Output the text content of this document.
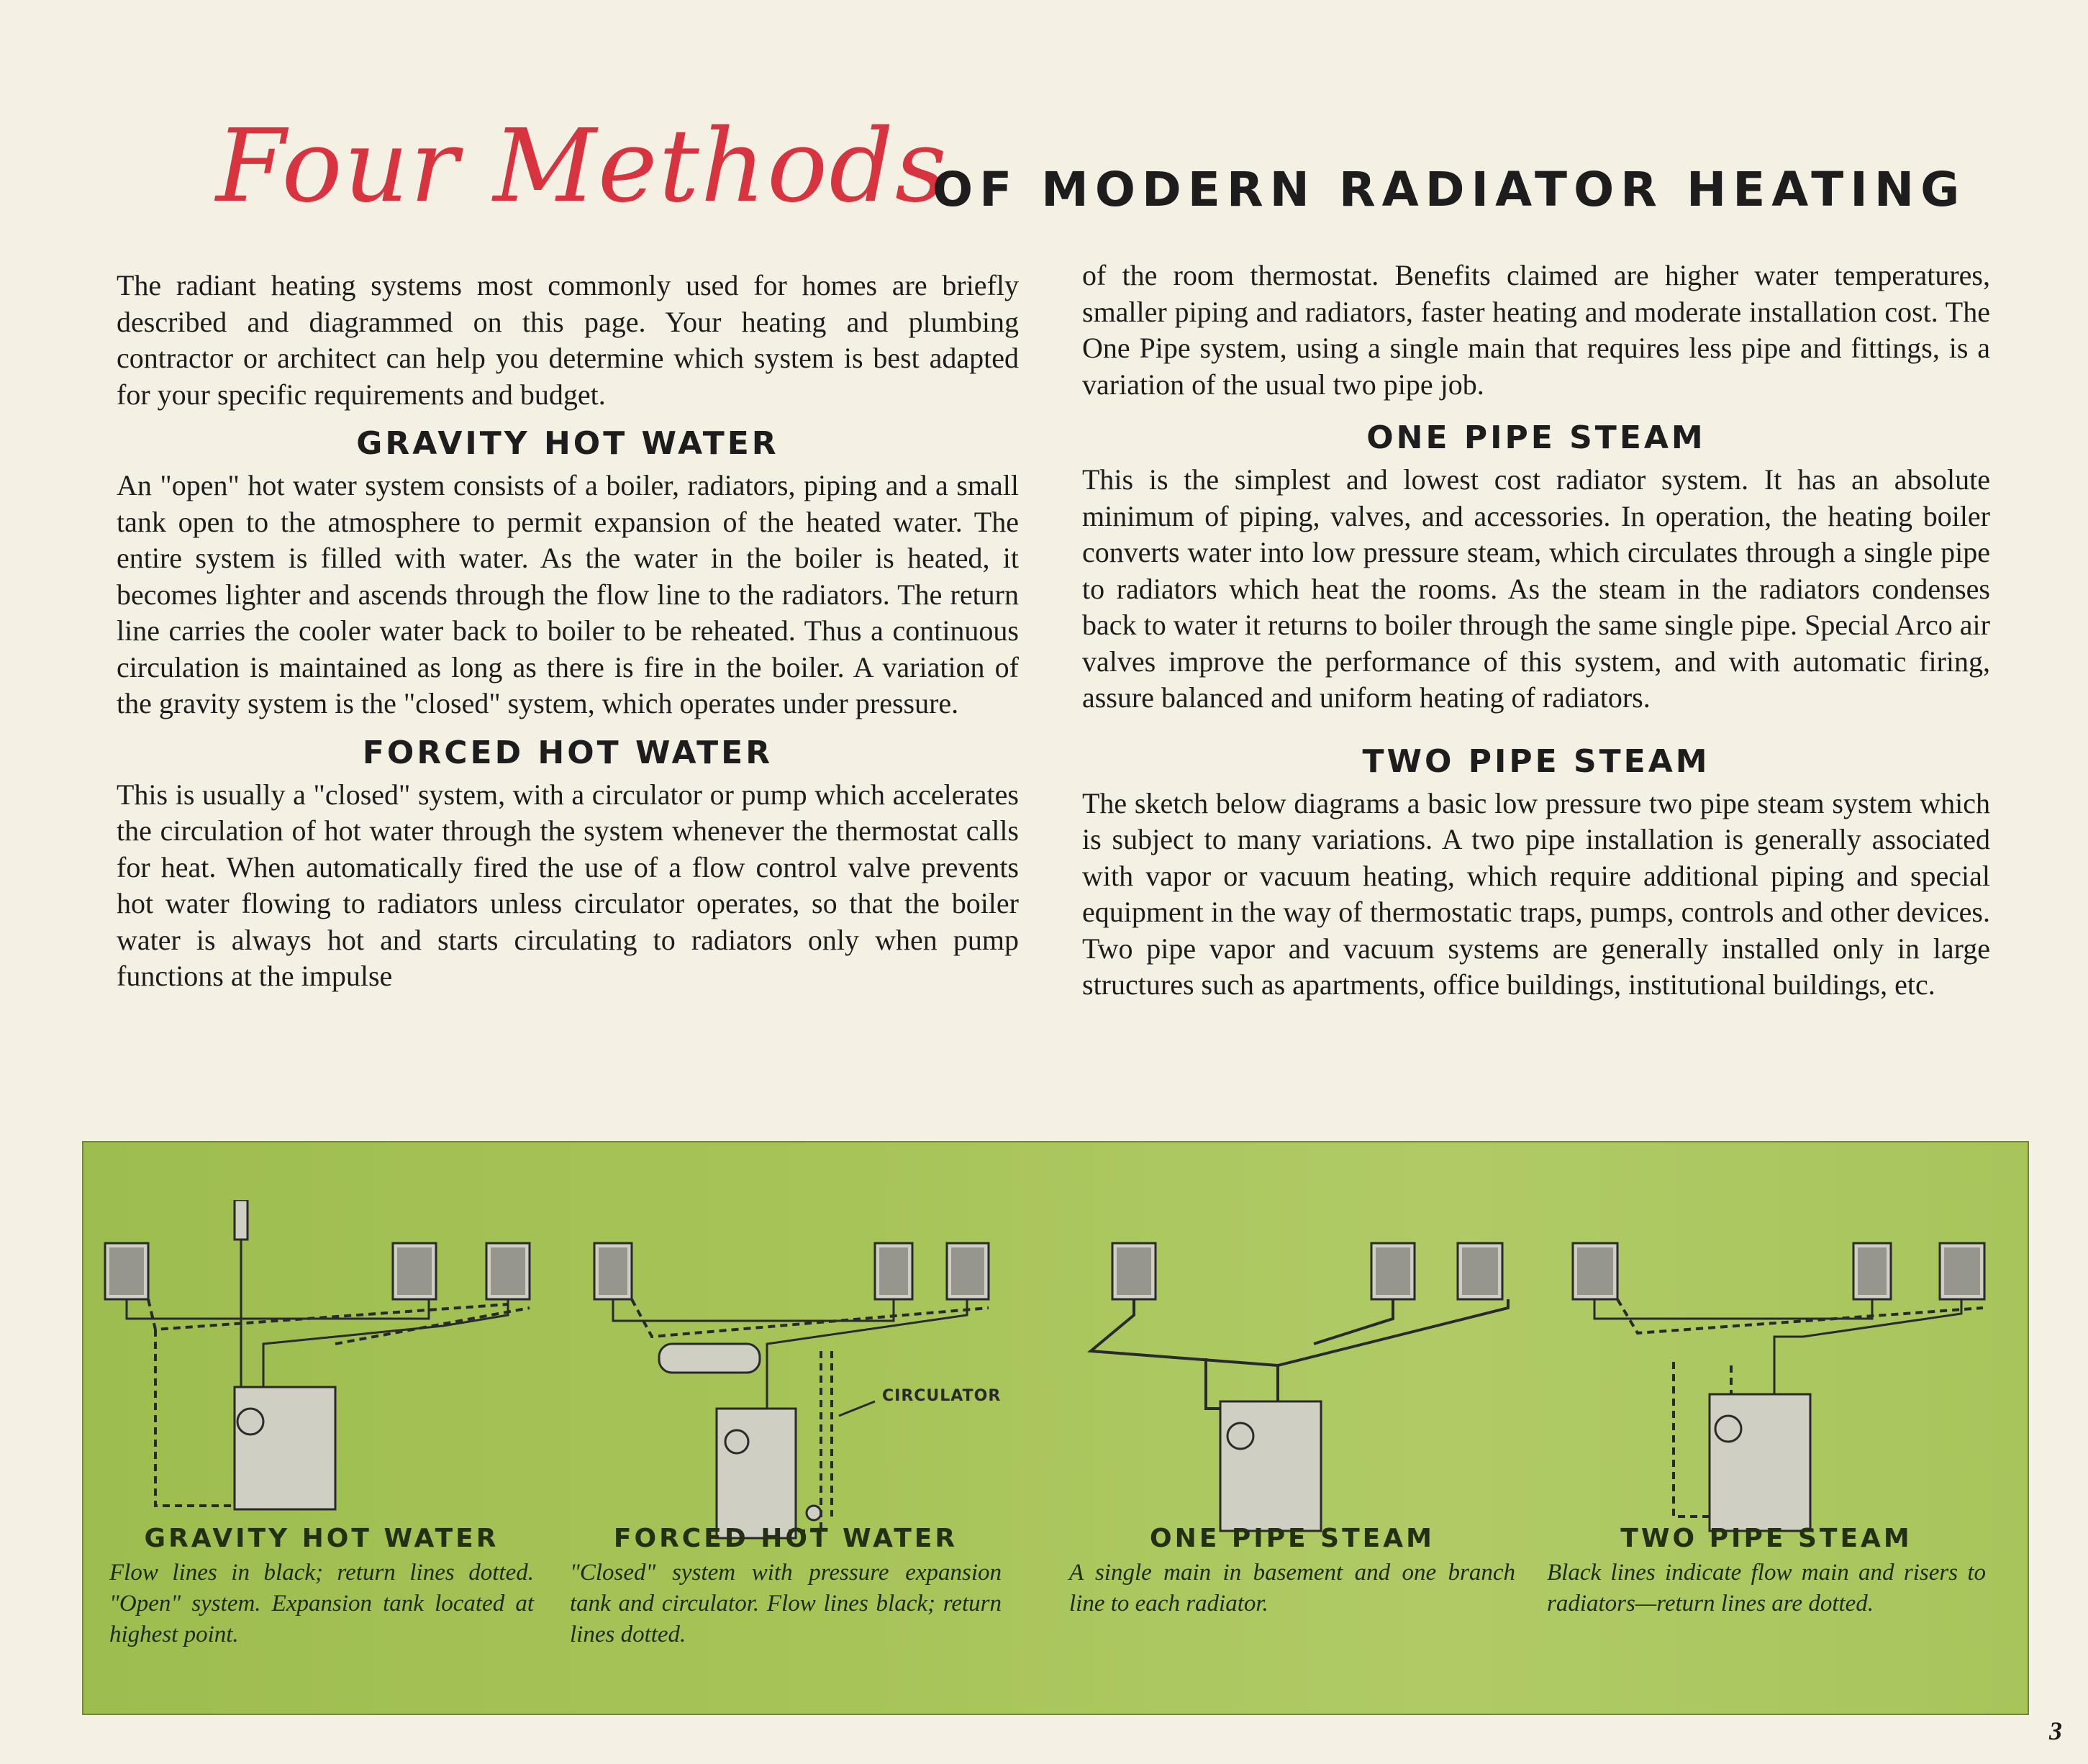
Four Methods
OF MODERN RADIATOR HEATING

The radiant heating systems most commonly used for homes are briefly described and diagrammed on this page. Your heating and plumbing contractor or architect can help you determine which system is best adapted for your specific requirements and budget.

GRAVITY HOT WATER

An "open" hot water system consists of a boiler, radiators, piping and a small tank open to the atmosphere to permit expansion of the heated water. The entire system is filled with water. As the water in the boiler is heated, it becomes lighter and ascends through the flow line to the radiators. The return line carries the cooler water back to boiler to be reheated. Thus a continuous circulation is maintained as long as there is fire in the boiler. A variation of the gravity system is the "closed" system, which operates under pressure.

FORCED HOT WATER

This is usually a "closed" system, with a circulator or pump which accelerates the circulation of hot water through the system whenever the thermostat calls for heat. When automatically fired the use of a flow control valve prevents hot water flowing to radiators unless circulator operates, so that the boiler water is always hot and starts circulating to radiators only when pump functions at the impulse

of the room thermostat. Benefits claimed are higher water temperatures, smaller piping and radiators, faster heating and moderate installation cost. The One Pipe system, using a single main that requires less pipe and fittings, is a variation of the usual two pipe job.

ONE PIPE STEAM

This is the simplest and lowest cost radiator system. It has an absolute minimum of piping, valves, and accessories. In operation, the heating boiler converts water into low pressure steam, which circulates through a single pipe to radiators which heat the rooms. As the steam in the radiators condenses back to water it returns to boiler through the same single pipe. Special Arco air valves improve the performance of this system, and with automatic firing, assure balanced and uniform heating of radiators.

TWO PIPE STEAM

The sketch below diagrams a basic low pressure two pipe steam system which is subject to many variations. A two pipe installation is generally associated with vapor or vacuum heating, which require additional piping and special equipment in the way of thermostatic traps, pumps, controls and other devices. Two pipe vapor and vacuum systems are generally installed only in large structures such as apartments, office buildings, institutional buildings, etc.

CIRCULATOR
GRAVITY HOT WATER

Flow lines in black; return lines dotted. "Open" system. Expansion tank located at highest point.

FORCED HOT WATER

"Closed" system with pressure expansion tank and circulator. Flow lines black; return lines dotted.

ONE PIPE STEAM

A single main in basement and one branch line to each radiator.

TWO PIPE STEAM

Black lines indicate flow main and risers to radiators—return lines are dotted.

3
